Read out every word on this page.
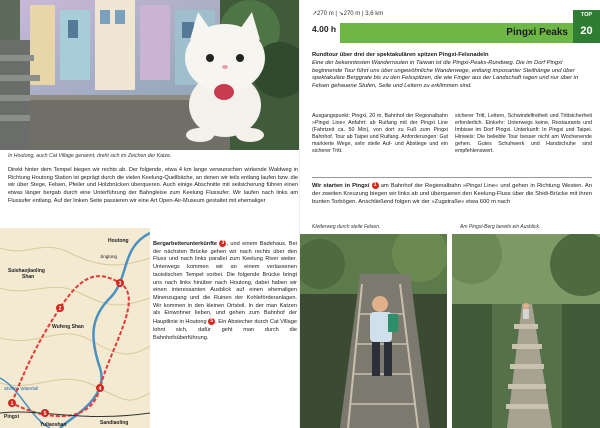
In Houtong, auch Cat Village genannt, dreht sich im Zeichen der Katze.
Direkt hinter dem Tempel biegen wir rechts ab. Der folgende, etwa 4 km lange verwunschen wirkende Waldweg in Richtung Houtong Station ist geprägt durch die vielen Keelung-Quellbäche, an denen wir teils entlang laufen bzw. die wir über Stege, Felsen, Pfeiler und Holzbrücken überqueren. Auch einige Abschnitte mit seilsicherung führen einen etwas länger bergab durch eine Unterführung der Bahngleise zum Keelung Flussufer. Wir laufen nach links am Flussufer entlang. Auf der linken Seite passieren wir eine Art Open-Air-Museum gestaltet mit ehemaliger
1
2
3
4
5
Houtong
Suishaojiaoling
Shan
Wufeng Shan
Sandiaoling
Yuliaoshan
Shihfen Waterfall
Pingxi
Jingtong
Bergarbeiterunterkünfte 3 , und einem Badehaus. Bei der nächsten Brücke gehen wir nach rechts über den Fluss und nach links parallel zum Keelung River weiter. Unterwegs kommen wir an einem verlassenen taoistischen Tempel vorbei. Die folgende Brücke bringt uns nach links hinüber nach Houtong, dabei haben wir einen interessanten Ausblick auf einen ehemaligen Minenzugang und die Ruinen der Kohleförderanlagen. Wir kommen in den kleinen Ortsteil. In der man Katzen als Einwohner lieben, und gehen zum Bahnhof der Hauptlinie in Houtong 5 . Ein Abstecher durch Cat Village lohnt sich, dafür geht man durch die Bahnhofsüberführung.
↗270 m | ↘270 m | 3,6 km
4.00 h	Pingxi Peaks
TOP
20
Rundtour über drei der spektakulären spitzen Pingxi-Felsnadeln
Eine der bekanntesten Wanderrouten in Taiwan ist die Pingxi-Peaks-Rundweg. Die im Dorf Pingxi beginnende Tour führt uns über ungewöhnliche Wanderwege, entlang imposanter Steilhänge und über spektakuläre Berggrate bis zu den Felsspitzen, die wie Finger aus der Landschaft ragen und nur über in Felsen gehauene Stufen, Seile und Leitern zu erklimmen sind.
Ausgangspunkt: Pingxi, 20 m, Bahnhof der Regionalbahn »Pingxi Line« Anfahrt: ab Ruifang mit der Pingxi Line (Fahrtzeit ca. 50 Min), von dort zu Fuß zum Pingxi Bahnhof. Tour ab Taipei und Ruifang. Anforderungen: Gut markierte Wege, sehr steile Auf- und Abstiege und ein sicherer Tritt.
sicherer Tritt, Leitern, Schwindelfreiheit und Trittsicherheit erforderlich. Einkehr: Unterwegs keine, Restaurants und Imbisse im Dorf Pingxi. Unterkunft: In Pingxi und Taipei. Hinweis: Die beliebte Tour besser nicht am Wochenende gehen. Gutes Schuhwerk und Handschuhe sind empfehlenswert.
Wir starten in Pingxi 1 am Bahnhof der Regionalbahn »Pingxi Line« und gehen in Richtung Westen. An der zweiten Kreuzung biegen wir links ab und überqueren den Keelung-Fluss über die Shidi-Brücke mit ihren bunten Torbögen. Anschließend folgen wir der »Zugstraße« etwa 600 m nach
Kletterweg durch steile Felsen.	Am Pingxi-Berg bereits ein Ausblick.
